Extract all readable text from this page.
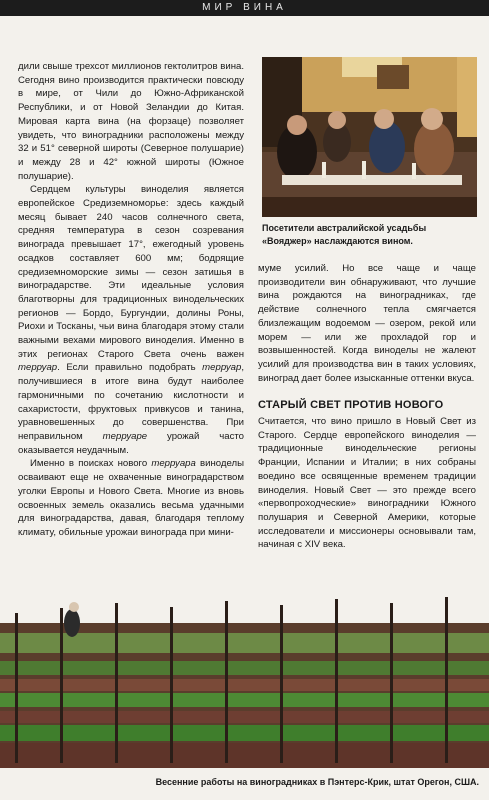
МИР ВИНА

дили свыше трехсот миллионов гектолитров вина. Сегодня вино производится практически повсюду в мире, от Чили до Южно-Африканской Республики, и от Новой Зеландии до Китая. Мировая карта вина (на форзаце) позволяет увидеть, что виноградники расположены между 32 и 51° северной широты (Северное полушарие) и между 28 и 42° южной широты (Южное полушарие).

Сердцем культуры виноделия является европейское Средиземноморье: здесь каждый месяц бывает 240 часов солнечного света, средняя температура в сезон созревания винограда превышает 17°, ежегодный уровень осадков составляет 600 мм; бодрящие средиземноморские зимы — сезон затишья в виноградарстве. Эти идеальные условия благотворны для традиционных винодельческих регионов — Бордо, Бургундии, долины Роны, Риохи и Тосканы, чьи вина благодаря этому стали важными вехами мирового виноделия. Именно в этих регионах Старого Света очень важен терруар. Если правильно подобрать терруар, получившиеся в итоге вина будут наиболее гармоничными по сочетанию кислотности и сахаристости, фруктовых привкусов и танина, уравновешенных до совершенства. При неправильном терруаре урожай часто оказывается неудачным.

Именно в поисках нового терруара виноделы осваивают еще не охваченные виноградарством уголки Европы и Нового Света. Многие из вновь освоенных земель оказались весьма удачными для виноградарства, давая, благодаря теплому климату, обильные урожаи винограда при мини-

Посетители австралийской усадьбы «Вояджер» наслаждаются вином.

муме усилий. Но все чаще и чаще производители вин обнаруживают, что лучшие вина рождаются на виноградниках, где действие солнечного тепла смягчается близлежащим водоемом — озером, рекой или морем — или же прохладой гор и возвышенностей. Когда виноделы не жалеют усилий для производства вин в таких условиях, виноград дает более изысканные оттенки вкуса.

СТАРЫЙ СВЕТ ПРОТИВ НОВОГО

Считается, что вино пришло в Новый Свет из Старого. Сердце европейского виноделия — традиционные винодельческие регионы Франции, Испании и Италии; в них собраны воедино все освященные временем традиции виноделия. Новый Свет — это прежде всего «первопроходческие» виноградники Южного полушария и Северной Америки, которые исследователи и миссионеры основывали там, начиная с XIV века.

Весенние работы на виноградниках в Пэнтерс-Крик, штат Орегон, США.
